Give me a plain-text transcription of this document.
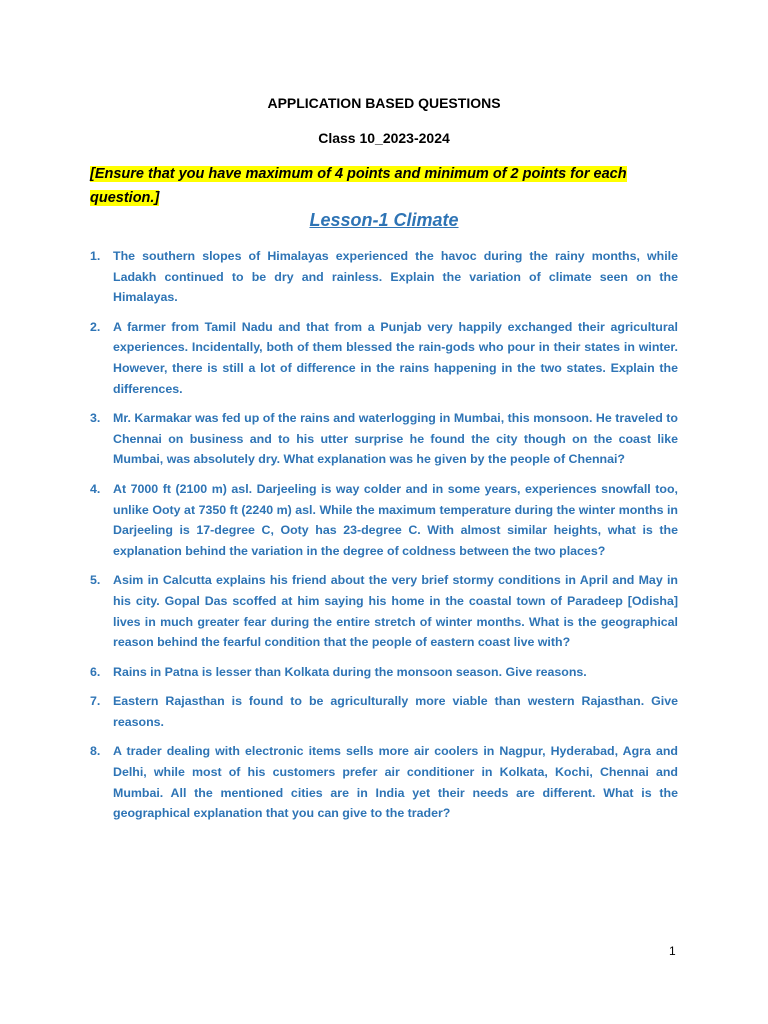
APPLICATION BASED QUESTIONS
Class 10_2023-2024
[Ensure that you have maximum of 4 points and minimum of 2 points for each question.]
Lesson-1 Climate
1. The southern slopes of Himalayas experienced the havoc during the rainy months, while Ladakh continued to be dry and rainless. Explain the variation of climate seen on the Himalayas.
2. A farmer from Tamil Nadu and that from a Punjab very happily exchanged their agricultural experiences. Incidentally, both of them blessed the rain-gods who pour in their states in winter. However, there is still a lot of difference in the rains happening in the two states. Explain the differences.
3. Mr. Karmakar was fed up of the rains and waterlogging in Mumbai, this monsoon. He traveled to Chennai on business and to his utter surprise he found the city though on the coast like Mumbai, was absolutely dry. What explanation was he given by the people of Chennai?
4. At 7000 ft (2100 m) asl. Darjeeling is way colder and in some years, experiences snowfall too, unlike Ooty at 7350 ft (2240 m) asl. While the maximum temperature during the winter months in Darjeeling is 17-degree C, Ooty has 23-degree C. With almost similar heights, what is the explanation behind the variation in the degree of coldness between the two places?
5. Asim in Calcutta explains his friend about the very brief stormy conditions in April and May in his city. Gopal Das scoffed at him saying his home in the coastal town of Paradeep [Odisha] lives in much greater fear during the entire stretch of winter months. What is the geographical reason behind the fearful condition that the people of eastern coast live with?
6. Rains in Patna is lesser than Kolkata during the monsoon season. Give reasons.
7. Eastern Rajasthan is found to be agriculturally more viable than western Rajasthan. Give reasons.
8. A trader dealing with electronic items sells more air coolers in Nagpur, Hyderabad, Agra and Delhi, while most of his customers prefer air conditioner in Kolkata, Kochi, Chennai and Mumbai. All the mentioned cities are in India yet their needs are different. What is the geographical explanation that you can give to the trader?
1
